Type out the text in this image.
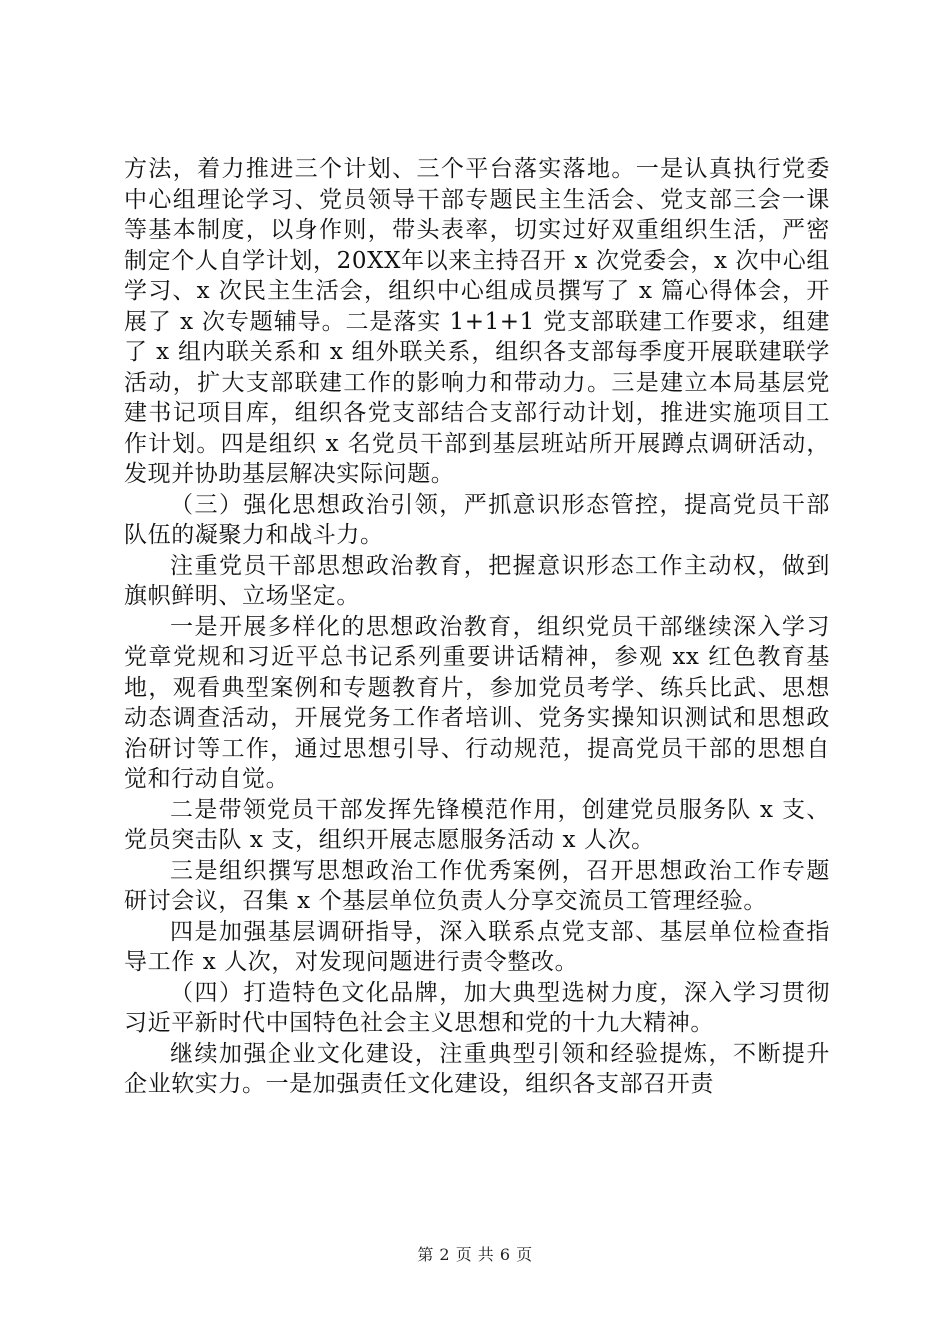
方法，着力推进三个计划、三个平台落实落地。一是认真执行党委中心组理论学习、党员领导干部专题民主生活会、党支部三会一课等基本制度，以身作则，带头表率，切实过好双重组织生活，严密制定个人自学计划，20XX年以来主持召开 x 次党委会，x 次中心组学习、x 次民主生活会，组织中心组成员撰写了 x 篇心得体会，开展了 x 次专题辅导。二是落实 1+1+1 党支部联建工作要求，组建了 x 组内联关系和 x 组外联关系，组织各支部每季度开展联建联学活动，扩大支部联建工作的影响力和带动力。三是建立本局基层党建书记项目库，组织各党支部结合支部行动计划，推进实施项目工作计划。四是组织 x 名党员干部到基层班站所开展蹲点调研活动，发现并协助基层解决实际问题。

（三）强化思想政治引领，严抓意识形态管控，提高党员干部队伍的凝聚力和战斗力。

注重党员干部思想政治教育，把握意识形态工作主动权，做到旗帜鲜明、立场坚定。

一是开展多样化的思想政治教育，组织党员干部继续深入学习党章党规和习近平总书记系列重要讲话精神，参观 xx 红色教育基地，观看典型案例和专题教育片，参加党员考学、练兵比武、思想动态调查活动，开展党务工作者培训、党务实操知识测试和思想政治研讨等工作，通过思想引导、行动规范，提高党员干部的思想自觉和行动自觉。

二是带领党员干部发挥先锋模范作用，创建党员服务队 x 支、党员突击队 x 支，组织开展志愿服务活动 x 人次。

三是组织撰写思想政治工作优秀案例，召开思想政治工作专题研讨会议，召集 x 个基层单位负责人分享交流员工管理经验。

四是加强基层调研指导，深入联系点党支部、基层单位检查指导工作 x 人次，对发现问题进行责令整改。

（四）打造特色文化品牌，加大典型选树力度，深入学习贯彻习近平新时代中国特色社会主义思想和党的十九大精神。

继续加强企业文化建设，注重典型引领和经验提炼，不断提升企业软实力。一是加强责任文化建设，组织各支部召开责

第 2 页 共 6 页
